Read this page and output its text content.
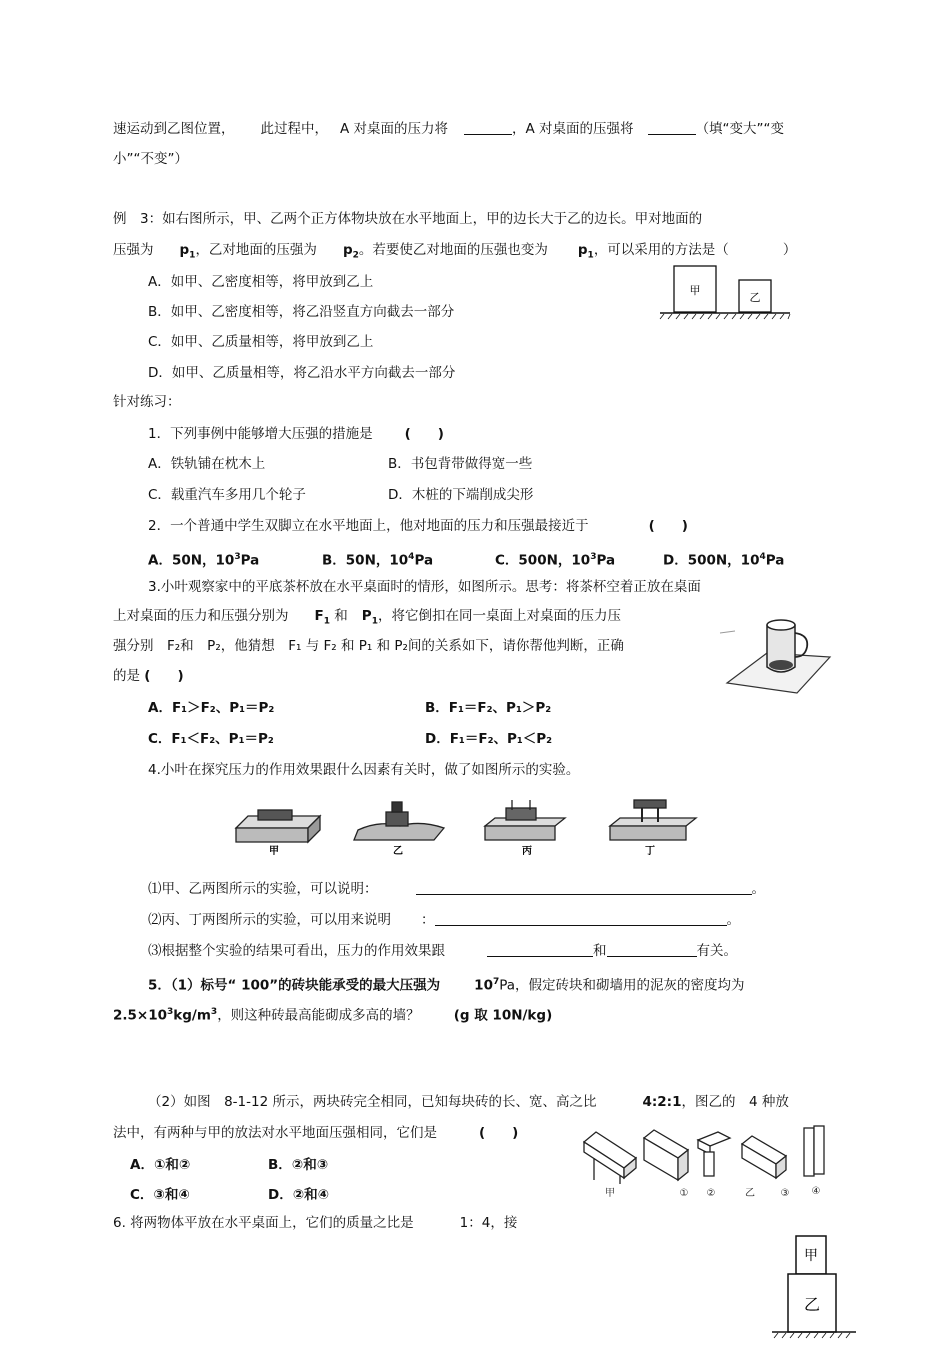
速运动到乙图位置， 此过程中， A 对桌面的压力将	，A 对桌面的压强将	（填“变大”“变
小”“不变”）
例　3：如右图所示，甲、乙两个正方体物块放在水平地面上，甲的边长大于乙的边长。甲对地面的
压强为 $p_1$，乙对地面的压强为 $p_2$。若要使乙对地面的压强也变为 $p_1$，可以采用的方法是（	）
A．如甲、乙密度相等，将甲放到乙上
B．如甲、乙密度相等，将乙沿竖直方向截去一部分
C．如甲、乙质量相等，将甲放到乙上
D．如甲、乙质量相等，将乙沿水平方向截去一部分
甲
乙
针对练习：
1．下列事例中能够增大压强的措施是 (　　)
A．铁轨铺在枕木上	B．书包背带做得宽一些
C．载重汽车多用几个轮子	D．木桩的下端削成尖形
2．一个普通中学生双脚立在水平地面上，他对地面的压力和压强最接近于	(　　)
A．50N，$10^3Pa$	B．50N，$10^4Pa$	C．500N，$10^3Pa$	D．500N，$10^4Pa$
3.小叶观察家中的平底茶杯放在水平桌面时的情形，如图所示。思考：将茶杯空着正放在桌面
上对桌面的压力和压强分别为 $F_1$ 和 $P_1$，将它倒扣在同一桌面上对桌面的压力压
强分别　F₂和　P₂，他猜想　F₁ 与 F₂ 和 P₁ 和 P₂间的关系如下，请你帮他判断，正确
的是 (　　)
A．F₁＞F₂、P₁＝P₂	B．F₁＝F₂、P₁＞P₂
C．F₁＜F₂、P₁＝P₂	D．F₁＝F₂、P₁＜P₂
4.小叶在探究压力的作用效果跟什么因素有关时，做了如图所示的实验。
甲	乙	丙	丁
⑴甲、乙两图所示的实验，可以说明：	。
⑵丙、丁两图所示的实验，可以用来说明 ：	。
⑶根据整个实验的结果可看出，压力的作用效果跟	和	有关。
5．（1）标号“ 100”的砖块能承受的最大压强为	$10^7Pa$，假定砖块和砌墙用的泥灰的密度均为
$2.5\times 10^3kg/m^3$，则这种砖最高能砌成多高的墙？	(g 取 10N/kg)
（2）如图　8-1-12 所示，两块砖完全相同，已知每块砖的长、宽、高之比	4:2:1，图乙的　4 种放
法中，有两种与甲的放法对水平地面压强相同，它们是	(　　)
A．①和②	B．②和③
C．③和④	D．②和④	甲	① ②	乙	③ ④
6. 将两物体平放在水平桌面上，它们的质量之比是	1：4，接
甲
乙
